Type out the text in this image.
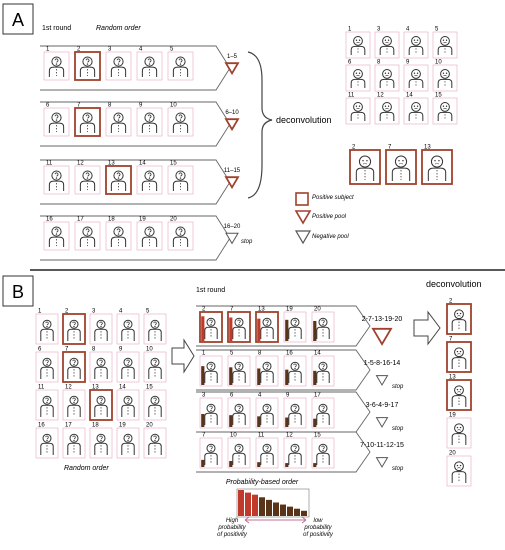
A	1st round	Random order
1	2	3	4	5
6	7	8	9	10
11	12	13	14	15
16	17	18	19	20
1–5
6–10
11–15
16–20
stop
deconvolution
1	3	4	5
6	8	9	10
11	12	14	15
2	7	13
Positive subject
Positive pool
Negative pool
B	1st round
deconvolution
1	2	3	4	5
6	7	8	9	10
11	12	13	14	15
16	17	18	19	20
Random order
2	7	13	19	20
1	5	8	16	14
3	6	4	9	17
7	10	11	12	15
2-7-13-19-20
1-5-8-16-14
stop
3-6-4-9-17
stop
7-10-11-12-15
stop
2
7
13
19
20
Probability-based order
High probability of positivity
low probability of positivity
